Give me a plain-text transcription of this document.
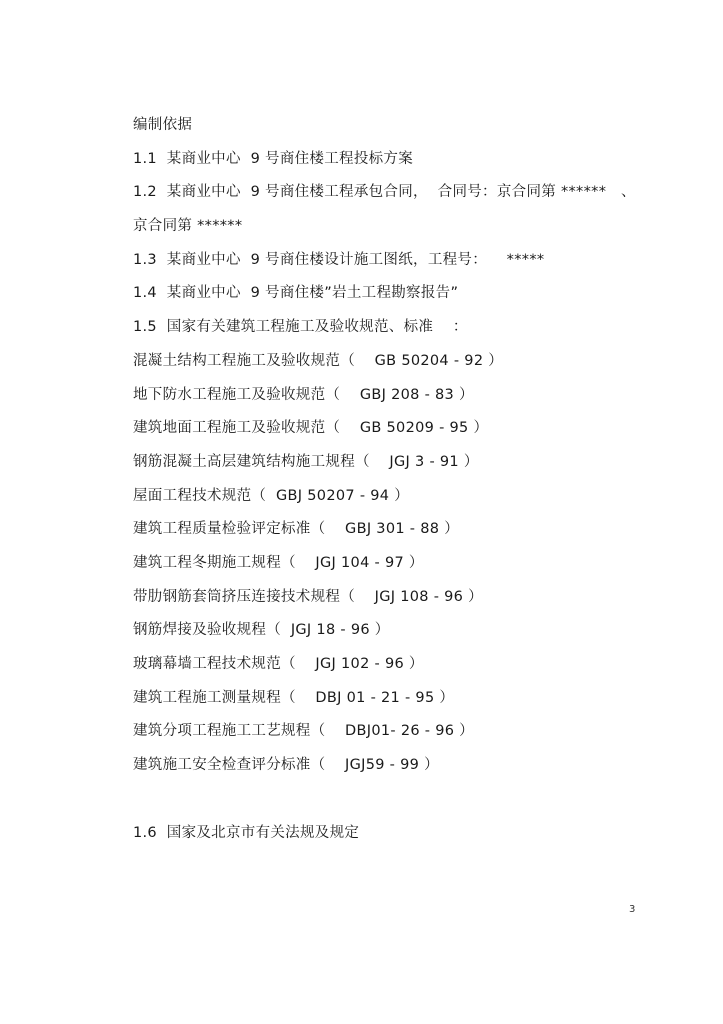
编制依据
1.1  某商业中心  9 号商住楼工程投标方案
1.2  某商业中心  9 号商住楼工程承包合同，  合同号：京合同第 ******   、
京合同第 ******
1.3  某商业中心  9 号商住楼设计施工图纸，工程号：    *****
1.4  某商业中心  9 号商住楼”岩土工程勘察报告”
1.5  国家有关建筑工程施工及验收规范、标准    ：
混凝土结构工程施工及验收规范（    GB 50204 - 92 ）
地下防水工程施工及验收规范（    GBJ 208 - 83 ）
建筑地面工程施工及验收规范（    GB 50209 - 95 ）
钢筋混凝土高层建筑结构施工规程（    JGJ 3 - 91 ）
屋面工程技术规范（  GBJ 50207 - 94 ）
建筑工程质量检验评定标准（    GBJ 301 - 88 ）
建筑工程冬期施工规程（    JGJ 104 - 97 ）
带肋钢筋套筒挤压连接技术规程（    JGJ 108 - 96 ）
钢筋焊接及验收规程（  JGJ 18 - 96 ）
玻璃幕墙工程技术规范（    JGJ 102 - 96 ）
建筑工程施工测量规程（    DBJ 01 - 21 - 95 ）
建筑分项工程施工工艺规程（    DBJ01- 26 - 96 ）
建筑施工安全检查评分标准（    JGJ59 - 99 ）
1.6  国家及北京市有关法规及规定
3
